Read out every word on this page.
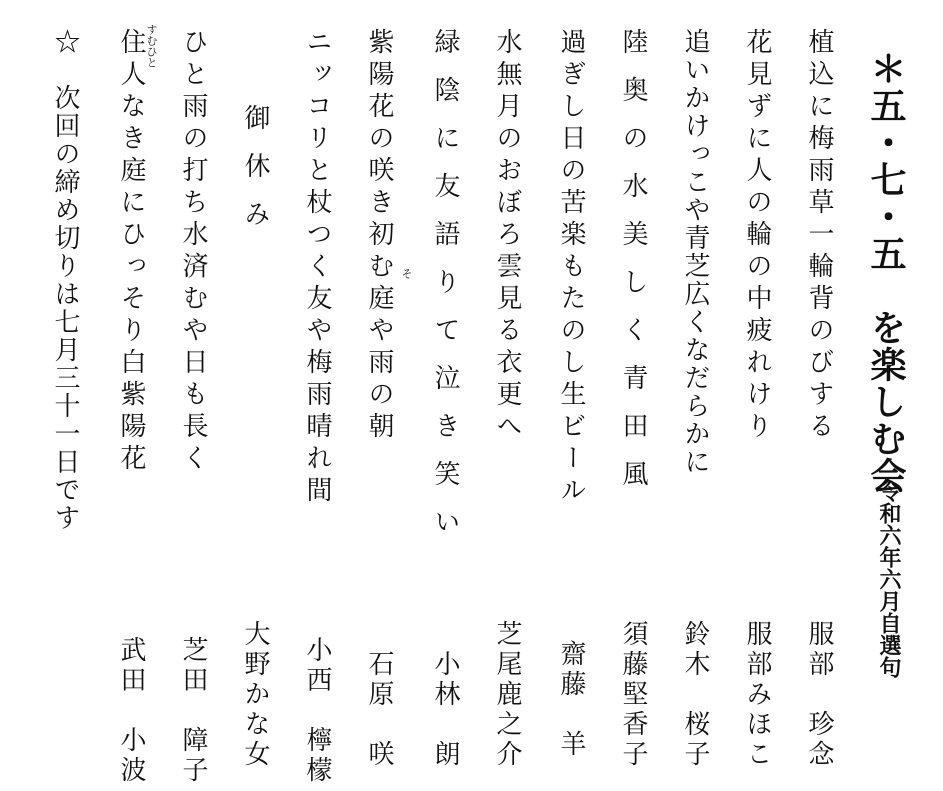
＊五・七・五　を楽しむ会
令和六年六月自選句
植込に梅雨草一輪背のびする
服部　珍念
花見ずに人の輪の中疲れけり
服部みほこ
追いかけっこや青芝広くなだらかに
鈴木　桜子
陸 奥 の 水 美 し く 青 田 風
須藤堅香子
過ぎし日の苦楽もたのし生ビール
齋藤　羊
水無月のおぼろ雲見る衣更へ
芝尾鹿之介
緑 陰 に 友 語 り て 泣 き 笑 い
小林　朗
紫陽花の咲き初む庭や雨の朝 そ
石原　咲
ニッコリと杖つく友や梅雨晴れ間
小西　檸檬
御 休 み
大野かな女
ひと雨の打ち水済むや日も長く
芝田　障子
すむひと
住人なき庭にひっそり白紫陽花
武田　小波
☆　次回の締め切りは七月三十一日です
